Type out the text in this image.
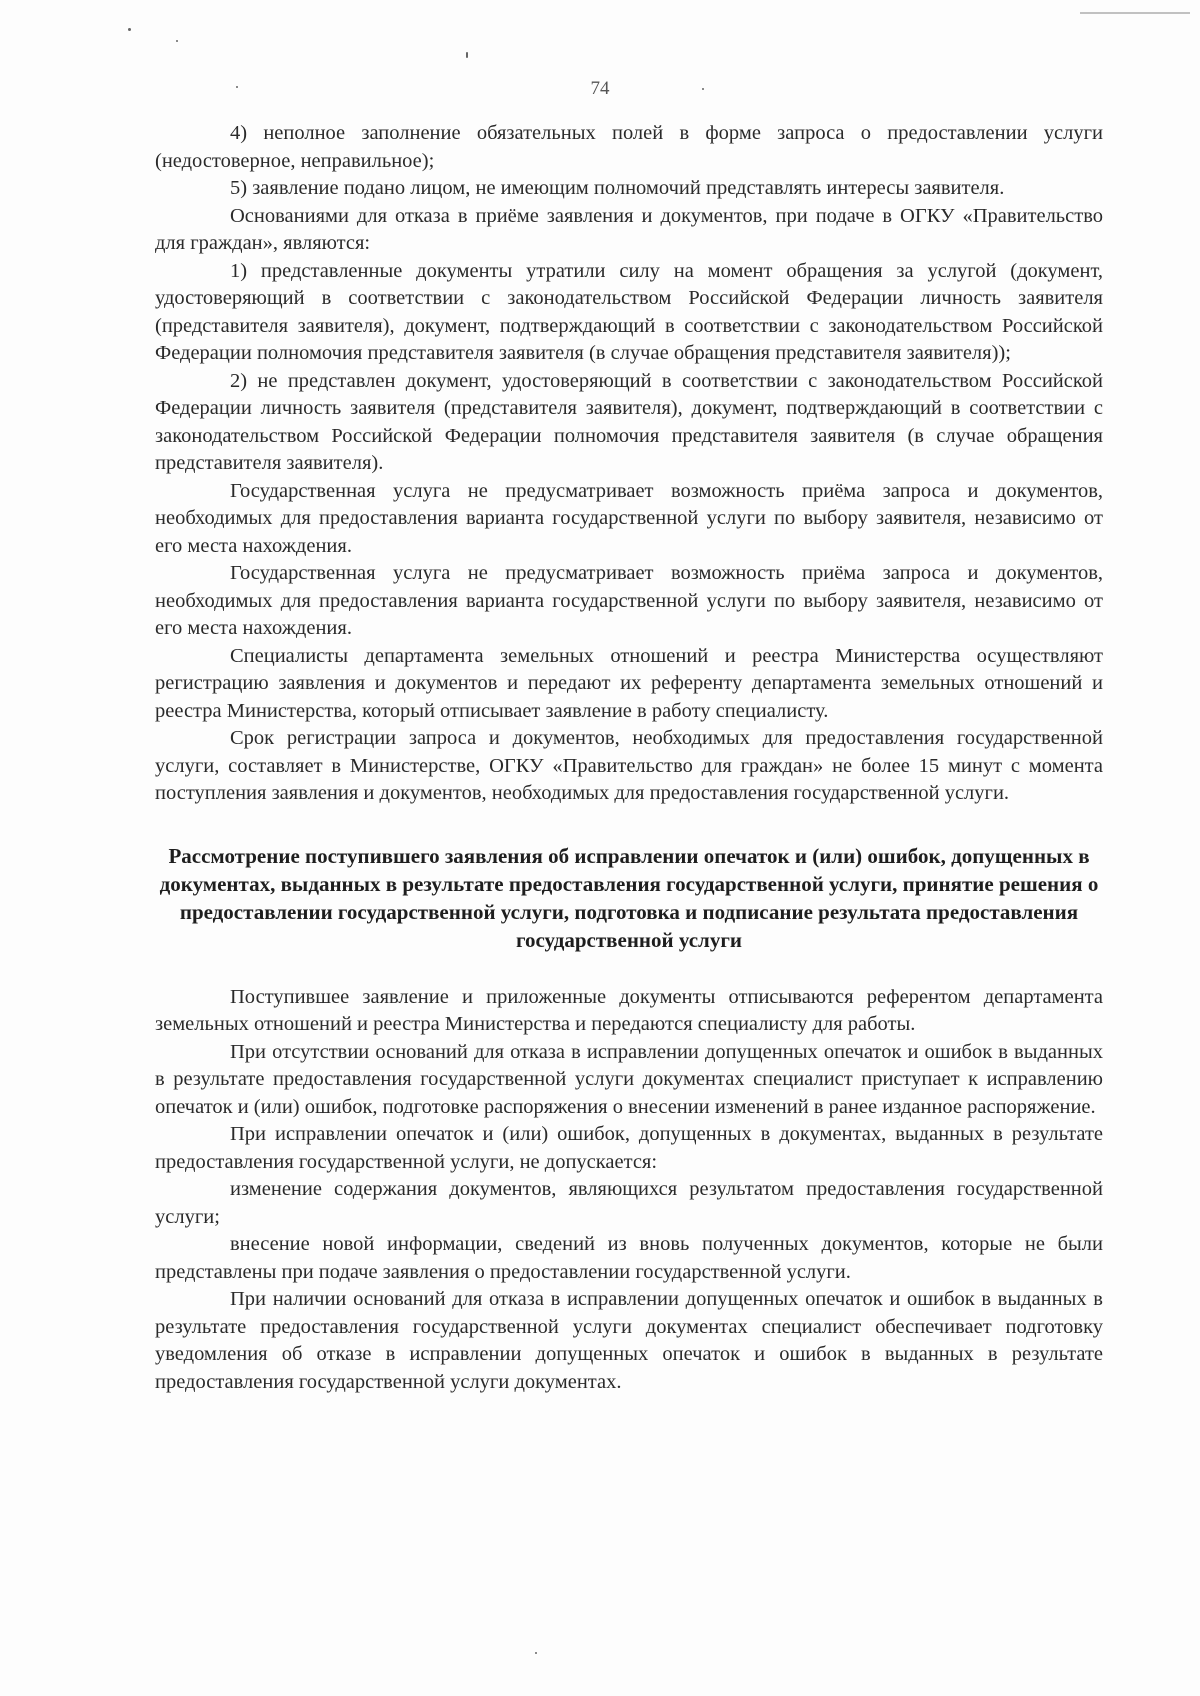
74

4) неполное заполнение обязательных полей в форме запроса о предоставлении услуги (недостоверное, неправильное);

5) заявление подано лицом, не имеющим полномочий представлять интересы заявителя.

Основаниями для отказа в приёме заявления и документов, при подаче в ОГКУ «Правительство для граждан», являются:

1) представленные документы утратили силу на момент обращения за услугой (документ, удостоверяющий в соответствии с законодательством Российской Федерации личность заявителя (представителя заявителя), документ, подтверждающий в соответствии с законодательством Российской Федерации полномочия представителя заявителя (в случае обращения представителя заявителя));

2) не представлен документ, удостоверяющий в соответствии с законодательством Российской Федерации личность заявителя (представителя заявителя), документ, подтверждающий в соответствии с законодательством Российской Федерации полномочия представителя заявителя (в случае обращения представителя заявителя).

Государственная услуга не предусматривает возможность приёма запроса и документов, необходимых для предоставления варианта государственной услуги по выбору заявителя, независимо от его места нахождения.

Государственная услуга не предусматривает возможность приёма запроса и документов, необходимых для предоставления варианта государственной услуги по выбору заявителя, независимо от его места нахождения.

Специалисты департамента земельных отношений и реестра Министерства осуществляют регистрацию заявления и документов и передают их референту департамента земельных отношений и реестра Министерства, который отписывает заявление в работу специалисту.

Срок регистрации запроса и документов, необходимых для предоставления государственной услуги, составляет в Министерстве, ОГКУ «Правительство для граждан» не более 15 минут с момента поступления заявления и документов, необходимых для предоставления государственной услуги.

Рассмотрение поступившего заявления об исправлении опечаток и (или) ошибок, допущенных в документах, выданных в результате предоставления государственной услуги, принятие решения о предоставлении государственной услуги, подготовка и подписание результата предоставления государственной услуги

Поступившее заявление и приложенные документы отписываются референтом департамента земельных отношений и реестра Министерства и передаются специалисту для работы.

При отсутствии оснований для отказа в исправлении допущенных опечаток и ошибок в выданных в результате предоставления государственной услуги документах специалист приступает к исправлению опечаток и (или) ошибок, подготовке распоряжения о внесении изменений в ранее изданное распоряжение.

При исправлении опечаток и (или) ошибок, допущенных в документах, выданных в результате предоставления государственной услуги, не допускается:

изменение содержания документов, являющихся результатом предоставления государственной услуги;

внесение новой информации, сведений из вновь полученных документов, которые не были представлены при подаче заявления о предоставлении государственной услуги.

При наличии оснований для отказа в исправлении допущенных опечаток и ошибок в выданных в результате предоставления государственной услуги документах специалист обеспечивает подготовку уведомления об отказе в исправлении допущенных опечаток и ошибок в выданных в результате предоставления государственной услуги документах.
